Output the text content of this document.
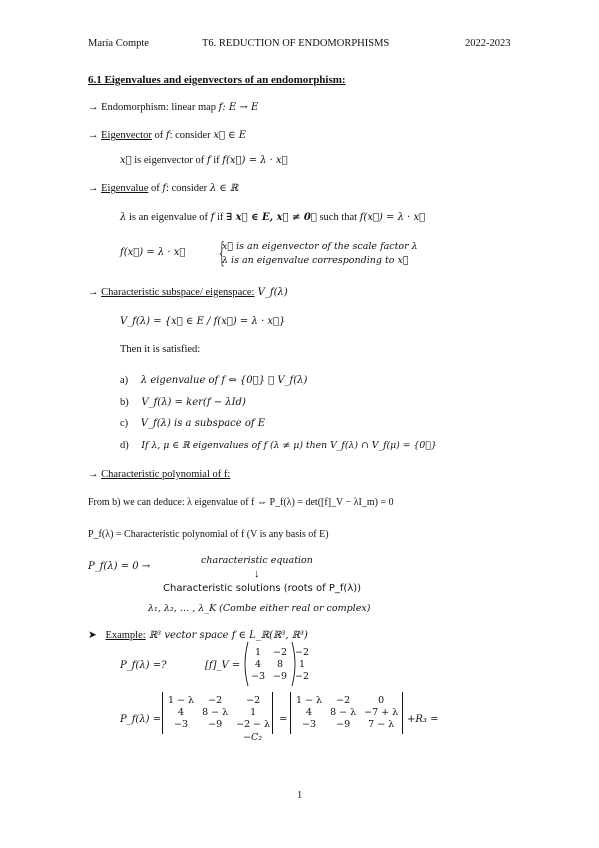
María Compte	T6. REDUCTION OF ENDOMORPHISMS	2022-2023
6.1 Eigenvalues and eigenvectors of an endomorphism:
→ Endomorphism: linear map f: E → E
→ Eigenvector of f: consider x⃗ ∈ E
x⃗ is eigenvector of f if f(x⃗) = λ · x⃗
→ Eigenvalue of f: consider λ ∈ ℝ
λ is an eigenvalue of f if ∃ x⃗ ∈ E, x⃗ ≠ 0⃗ such that f(x⃗) = λ · x⃗
f(x⃗) = λ · x⃗ {
x⃗ is an eigenvector of the scale factor λ
λ is an eigenvalue corresponding to x⃗
→ Characteristic subspace/ eigenspace: V_f(λ)
V_f(λ) = {x⃗ ∈ E / f(x⃗) = λ · x⃗}
Then it is satisfied:
a) λ eigenvalue of f ⇔ {0⃗} ⊊ V_f(λ)
b) V_f(λ) = ker(f − λId)
c) V_f(λ) is a subspace of E
d) If λ, μ ∈ ℝ eigenvalues of f (λ ≠ μ) then V_f(λ) ∩ V_f(μ) = {0⃗}
→ Characteristic polynomial of f:
From b) we can deduce: λ eigenvalue of f ⇔ P_f(λ) = det([f]_V − λI_m) = 0
P_f(λ) = Characteristic polynomial of f (V is any basis of E)
P_f(λ) = 0 →
characteristic equation
↓
Characteristic solutions (roots of P_f(λ))
λ₁, λ₂, … , λ_K (Combe either real or complex)
➤ Example: ℝ³ vector space f ∈ L_ℝ(ℝ³, ℝ³)
P_f(λ) =?	[f]_V =
1	−2	−2
4	8	1
−3	−9	−2
P_f(λ) =
1 − λ	−2	−2
4	8 − λ	1
−3	−9	−2 − λ
−C₂
=
1 − λ	−2	0
4	8 − λ	−7 + λ
−3	−9	7 − λ +R₃ =
1
